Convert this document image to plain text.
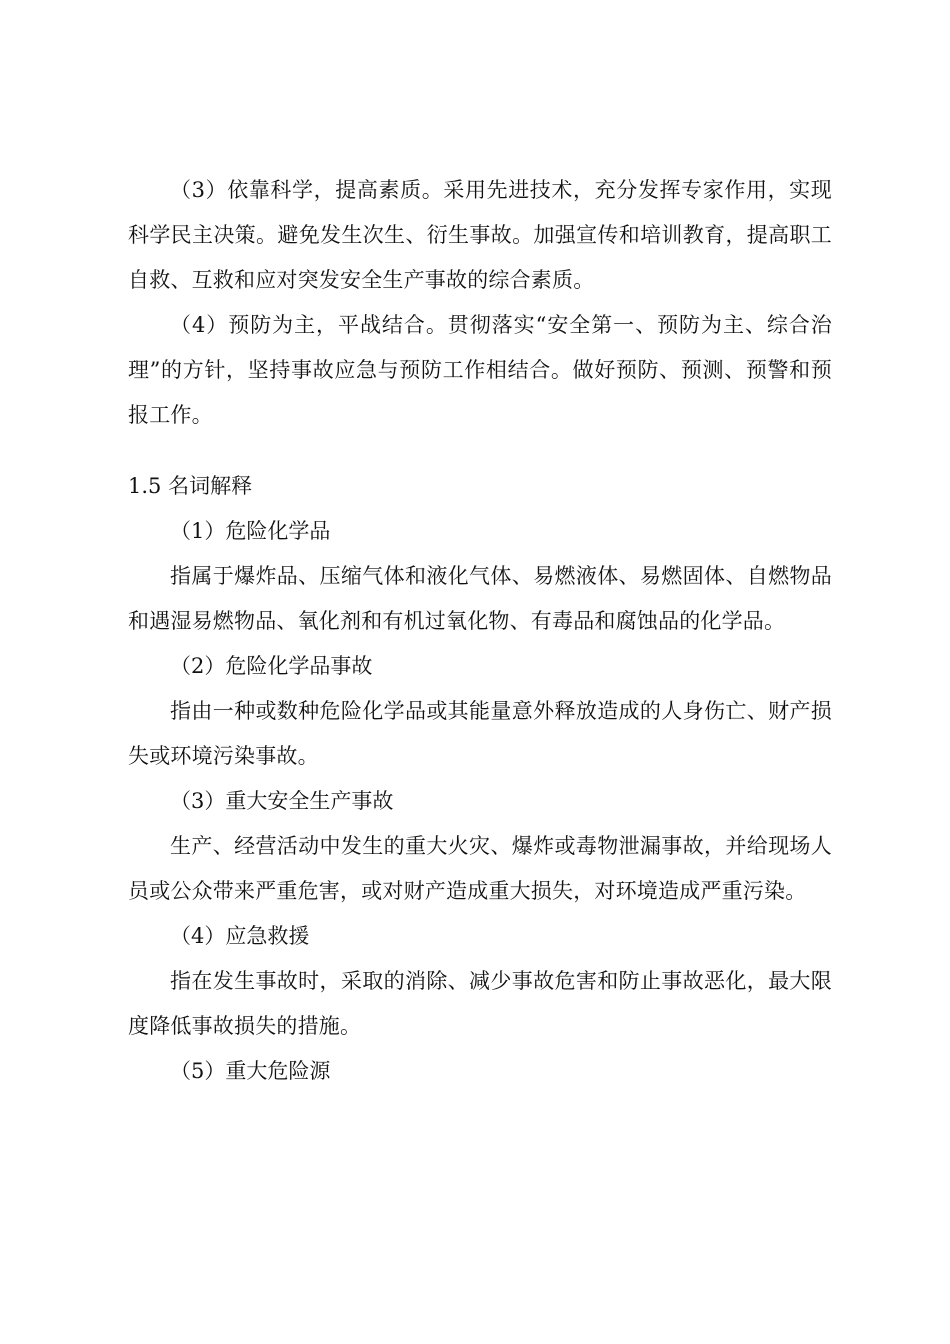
（3）依靠科学，提高素质。采用先进技术，充分发挥专家作用，实现科学民主决策。避免发生次生、衍生事故。加强宣传和培训教育，提高职工自救、互救和应对突发安全生产事故的综合素质。

（4）预防为主，平战结合。贯彻落实“安全第一、预防为主、综合治理”的方针，坚持事故应急与预防工作相结合。做好预防、预测、预警和预报工作。

1.5 名词解释

（1）危险化学品

指属于爆炸品、压缩气体和液化气体、易燃液体、易燃固体、自燃物品和遇湿易燃物品、氧化剂和有机过氧化物、有毒品和腐蚀品的化学品。

（2）危险化学品事故

指由一种或数种危险化学品或其能量意外释放造成的人身伤亡、财产损失或环境污染事故。

（3）重大安全生产事故

生产、经营活动中发生的重大火灾、爆炸或毒物泄漏事故，并给现场人员或公众带来严重危害，或对财产造成重大损失，对环境造成严重污染。

（4）应急救援

指在发生事故时，采取的消除、减少事故危害和防止事故恶化，最大限度降低事故损失的措施。

（5）重大危险源
